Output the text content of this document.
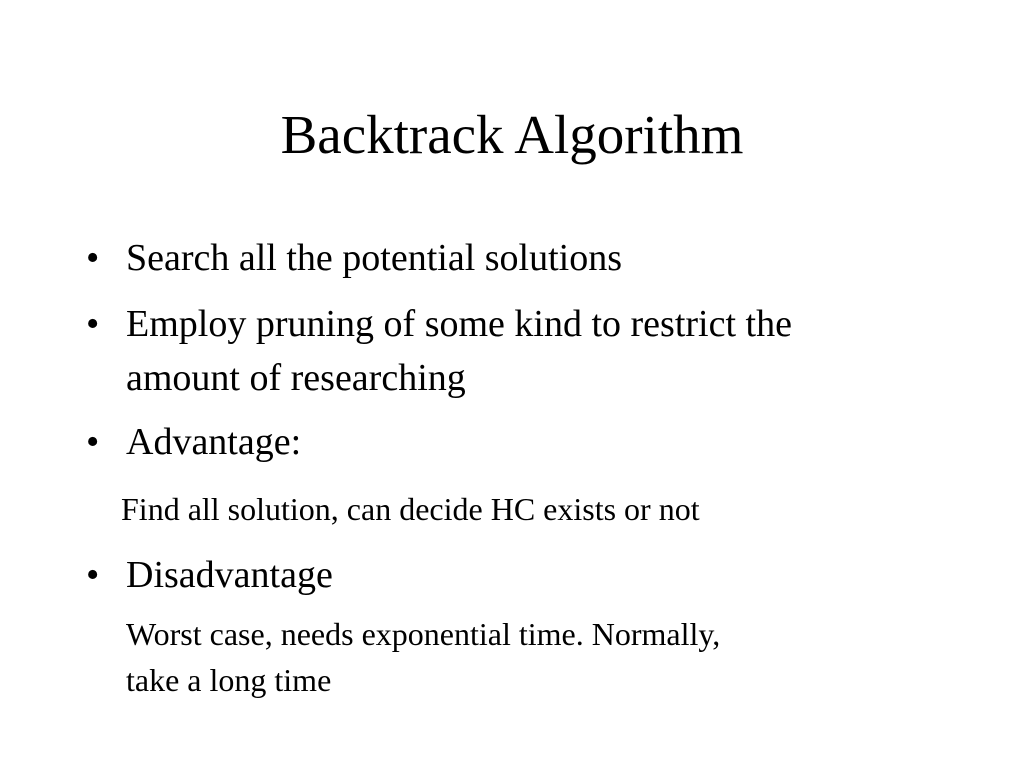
Backtrack Algorithm
• Search all the potential solutions
• Employ pruning of some kind to restrict the
amount of researching
• Advantage:
Find all solution, can decide HC exists or not
• Disadvantage
Worst case, needs exponential time. Normally,
take a long time
